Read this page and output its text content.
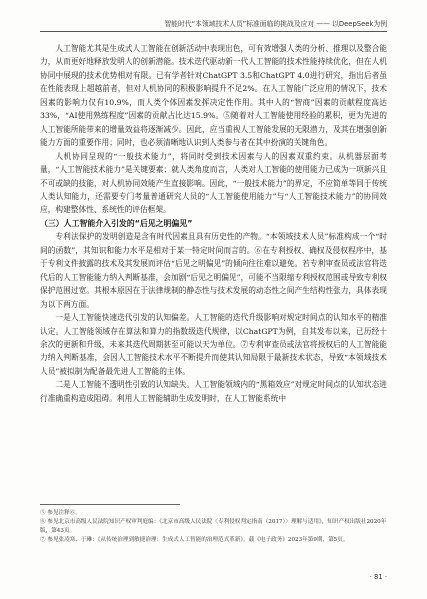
智能时代“本领域技术人员”标准面临的挑战及应对 —— 以DeepSeek为例

人工智能尤其是生成式人工智能在创新活动中表现出色，可有效增强人类的分析、推理以及整合能力，从而更好地释放发明人的创新潜能。技术迭代驱动新一代人工智能的技术性能持续优化，但在人机协同中展现的技术优势相对有限。已有学者针对ChatGPT 3.5和ChatGPT 4.0进行研究，指出后者虽在性能表现上超越前者，但对人机协同的积极影响提升不足2%。在人工智能广泛应用的情况下，技术因素的影响力仅有10.9%，而人类个体因素发挥决定性作用。其中人的“智商”因素的贡献程度高达33%，“AI使用熟练程度”因素的贡献占比达15.9%。⑤随着对人工智能使用经验的累积，更为先进的人工智能所能带来的增量效益将逐渐减少。因此，应当重视人工智能发展的无限潜力，及其在增强创新能力方面的重要作用；同时，也必须清晰地认识到人类参与者在其中扮演的关键角色。

人机协同呈现的“一般技术能力”，将同时受到技术因素与人的因素双重约束。从机器层面考量，“人工智能技术能力”是关键要素；就人类角度而言，人类对人工智能的使用能力已成为一项新兴且不可或缺的技能，对人机协同效能产生直接影响。因此，“一般技术能力”的界定，不应简单等同于传统人类认知能力，还需要专门考量普通研究人员的“人工智能使用能力”与“人工智能技术能力”的协同效应，构建整体性、系统性的评估框架。

（三）人工智能介入引发的“后见之明偏见”

专利法保护的发明创造是含有时代因素且具有历史性的产物。“本领域技术人员”标准构成一个“时间的函数”，其知识和能力水平是相对于某一特定时间而言的。⑥在专利授权、确权及侵权程序中，基于专利文件披露的技术及其发展而评估“后见之明偏见”的倾向往往难以避免。若专利审查员或法官将迭代后的人工智能能力纳入判断基准，会加剧“后见之明偏见”，可能不当限缩专利授权范围或导致专利权保护范围过宽。其根本原因在于法律规制的静态性与技术发展的动态性之间产生结构性张力，具体表现为以下两方面。

一是人工智能快速迭代引发的认知偏差。人工智能的迭代升级影响对规定时间点的认知水平的精准认定。人工智能领域存在算法和算力的指数级迭代规律，以ChatGPT为例，自其发布以来，已历经十余次的更新和升级，未来其迭代周期甚至可能以天为单位。⑦专利审查员或法官将授权后的人工智能能力纳入判断基准，会因人工智能技术水平不断提升而使其认知局限于最新技术状态，导致“本领域技术人员”被拟制为配备最先进人工智能的主体。

二是人工智能不透明性引致的认知缺失。人工智能领域内的“黑箱效应”对规定时间点的认知状态进行准确重构造成阻碍。利用人工智能辅助生成发明时，在人工智能系统中

⑤ 参见注释⑥。

⑥ 参见北京市高级人民法院知识产权审判庭编：《北京市高级人民法院〈专利侵权判定指南（2017）〉理解与适用》，知识产权出版社2020年版，第43页。

⑦ 参见张凌寒、于琳：《从传统治理到敏捷治理：生成式人工智能的治理范式革新》，载《电子政务》2023年第9期，第5页。

· 81 ·
